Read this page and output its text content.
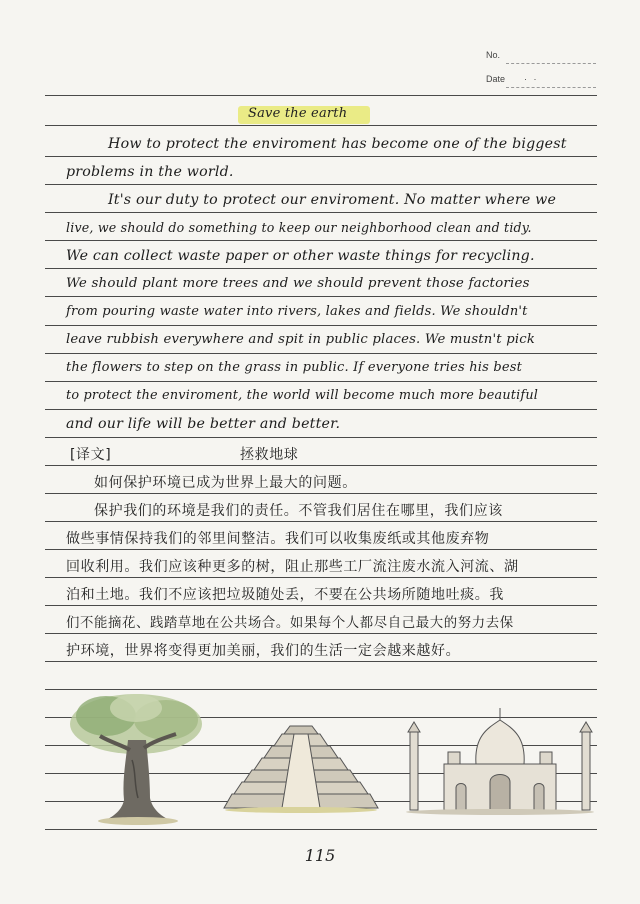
No.
Date · ·
Save the earth
How to protect the enviroment has become one of the biggest
problems in the world.
It's our duty to protect our enviroment. No matter where we
live, we should do something to keep our neighborhood clean and tidy.
We can collect waste paper or other waste things for recycling.
We should plant more trees and we should prevent those factories
from pouring waste water into rivers, lakes and fields. We shouldn't
leave rubbish everywhere and spit in public places. We mustn't pick
the flowers to step on the grass in public. If everyone tries his best
to protect the enviroment, the world will become much more beautiful
and our life will be better and better.
[译文]	拯救地球
如何保护环境已成为世界上最大的问题。
保护我们的环境是我们的责任。不管我们居住在哪里，我们应该
做些事情保持我们的邻里间整洁。我们可以收集废纸或其他废弃物
回收利用。我们应该种更多的树，阻止那些工厂流注废水流入河流、湖
泊和土地。我们不应该把垃圾随处丢，不要在公共场所随地吐痰。我
们不能摘花、践踏草地在公共场合。如果每个人都尽自己最大的努力去保
护环境，世界将变得更加美丽，我们的生活一定会越来越好。
115
